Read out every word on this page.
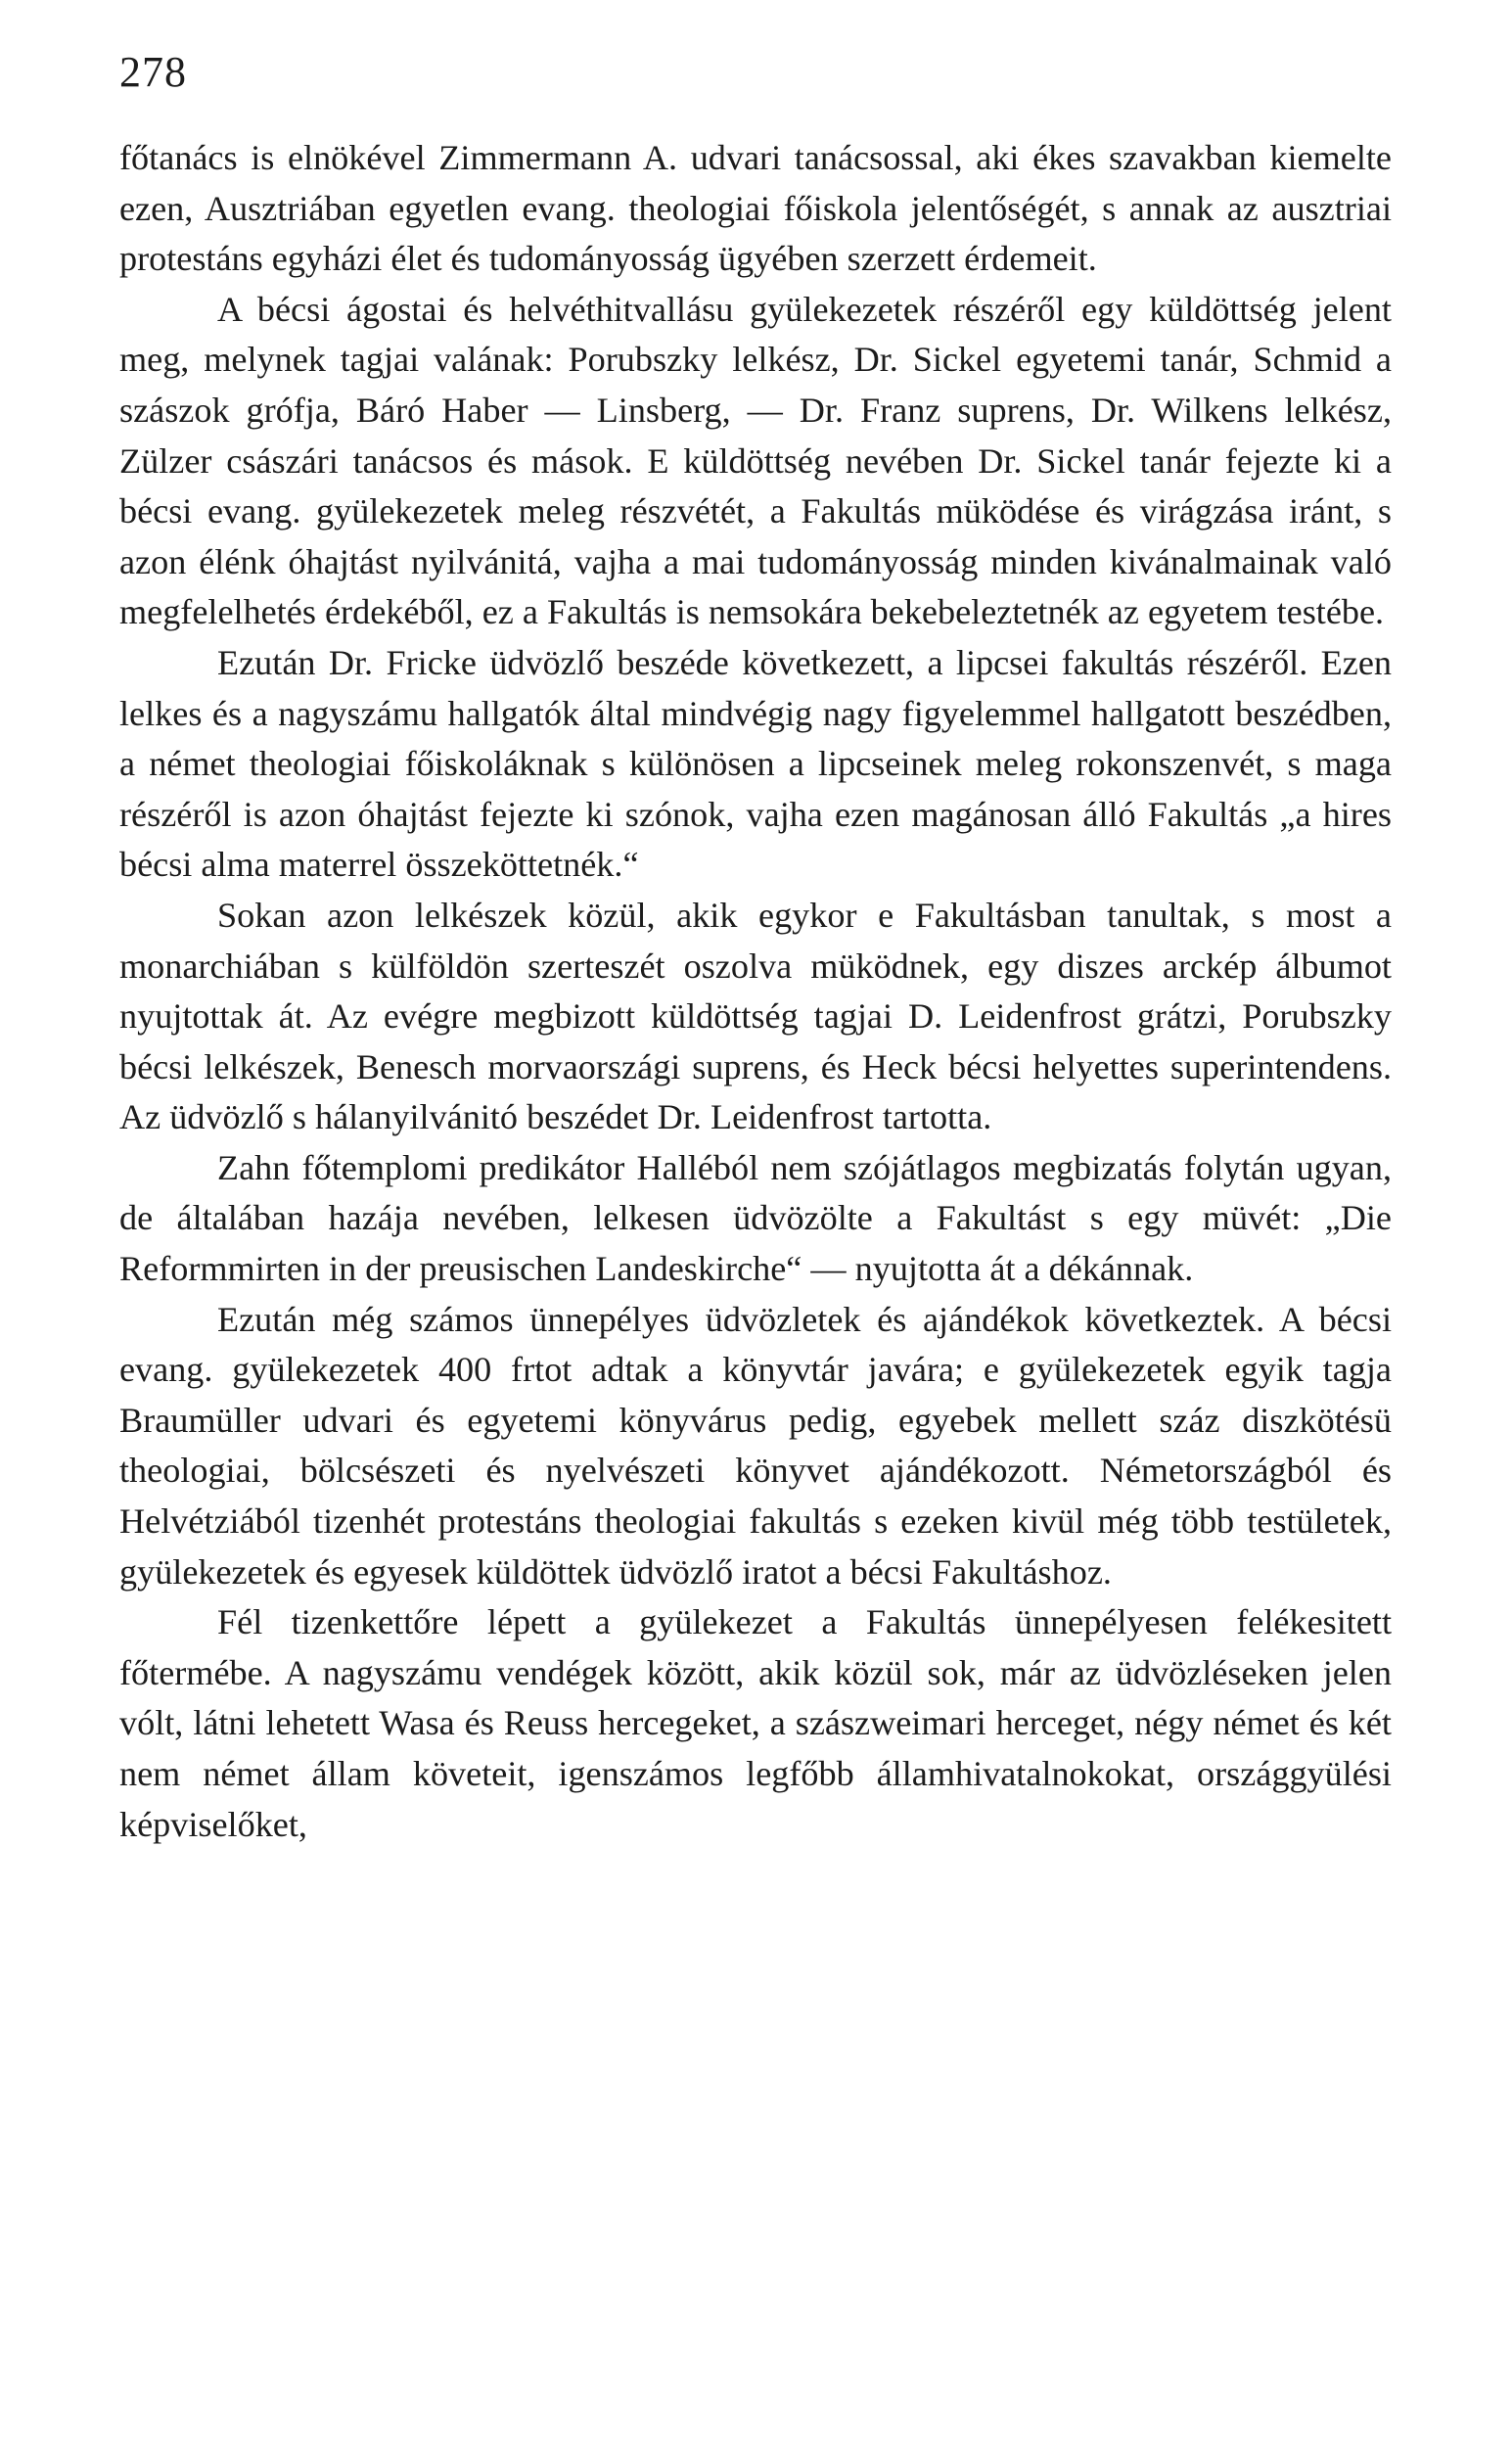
278

főtanács is elnökével Zimmermann A. udvari tanácsossal, aki ékes szavakban kiemelte ezen, Ausztriában egyetlen evang. theologiai főiskola jelentőségét, s annak az ausztriai protestáns egyházi élet és tudományosság ügyében szerzett érdemeit.

A bécsi ágostai és helvéthitvallásu gyülekezetek részéről egy küldöttség jelent meg, melynek tagjai valának: Porubszky lelkész, Dr. Sickel egyetemi tanár, Schmid a szászok grófja, Báró Haber — Linsberg, — Dr. Franz suprens, Dr. Wilkens lelkész, Zülzer császári tanácsos és mások. E küldöttség nevében Dr. Sickel tanár fejezte ki a bécsi evang. gyülekezetek meleg részvétét, a Fakultás müködése és virágzása iránt, s azon élénk óhajtást nyilvánitá, vajha a mai tudományosság minden kivánalmainak való megfelelhetés érdekéből, ez a Fakultás is nemsokára bekebeleztetnék az egyetem testébe.

Ezután Dr. Fricke üdvözlő beszéde következett, a lipcsei fakultás részéről. Ezen lelkes és a nagyszámu hallgatók által mindvégig nagy figyelemmel hallgatott beszédben, a német theologiai főiskoláknak s különösen a lipcseinek meleg rokonszenvét, s maga részéről is azon óhajtást fejezte ki szónok, vajha ezen magánosan álló Fakultás „a hires bécsi alma materrel összeköttetnék.“

Sokan azon lelkészek közül, akik egykor e Fakultásban tanultak, s most a monarchiában s külföldön szerteszét oszolva müködnek, egy diszes arckép álbumot nyujtottak át. Az evégre megbizott küldöttség tagjai D. Leidenfrost grátzi, Porubszky bécsi lelkészek, Benesch morvaországi suprens, és Heck bécsi helyettes superintendens. Az üdvözlő s hálanyilvánitó beszédet Dr. Leidenfrost tartotta.

Zahn főtemplomi predikátor Halléból nem szójátlagos megbizatás folytán ugyan, de általában hazája nevében, lelkesen üdvözölte a Fakultást s egy müvét: „Die Reformmirten in der preusischen Landeskirche“ — nyujtotta át a dékánnak.

Ezután még számos ünnepélyes üdvözletek és ajándékok következtek. A bécsi evang. gyülekezetek 400 frtot adtak a könyvtár javára; e gyülekezetek egyik tagja Braumüller udvari és egyetemi könyvárus pedig, egyebek mellett száz diszkötésü theologiai, bölcsészeti és nyelvészeti könyvet ajándékozott. Németországból és Helvétziából tizenhét protestáns theologiai fakultás s ezeken kivül még több testületek, gyülekezetek és egyesek küldöttek üdvözlő iratot a bécsi Fakultáshoz.

Fél tizenkettőre lépett a gyülekezet a Fakultás ünnepélyesen felékesitett főtermébe. A nagyszámu vendégek között, akik közül sok, már az üdvözléseken jelen vólt, látni lehetett Wasa és Reuss hercegeket, a szászweimari herceget, négy német és két nem német állam követeit, igenszámos legfőbb államhivatalnokokat, országgyülési képviselőket,
